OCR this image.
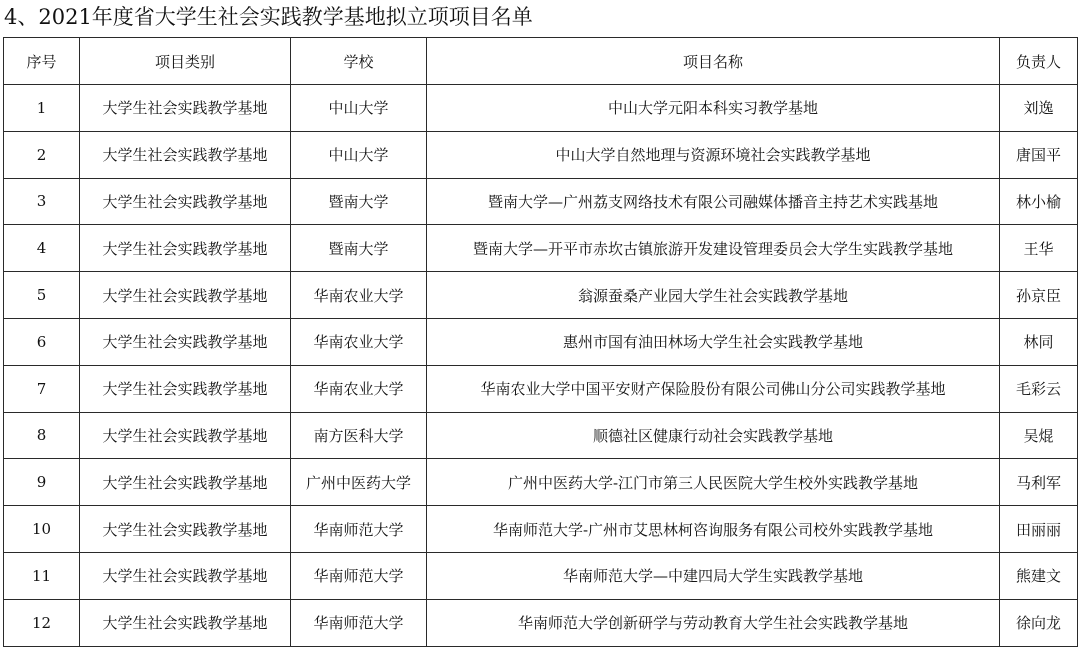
4、2021年度省大学生社会实践教学基地拟立项项目名单
序号	项目类别	学校	项目名称	负责人
1	大学生社会实践教学基地	中山大学	中山大学元阳本科实习教学基地	刘逸
2	大学生社会实践教学基地	中山大学	中山大学自然地理与资源环境社会实践教学基地	唐国平
3	大学生社会实践教学基地	暨南大学	暨南大学—广州荔支网络技术有限公司融媒体播音主持艺术实践基地	林小榆
4	大学生社会实践教学基地	暨南大学	暨南大学—开平市赤坎古镇旅游开发建设管理委员会大学生实践教学基地	王华
5	大学生社会实践教学基地	华南农业大学	翁源蚕桑产业园大学生社会实践教学基地	孙京臣
6	大学生社会实践教学基地	华南农业大学	惠州市国有油田林场大学生社会实践教学基地	林同
7	大学生社会实践教学基地	华南农业大学	华南农业大学中国平安财产保险股份有限公司佛山分公司实践教学基地	毛彩云
8	大学生社会实践教学基地	南方医科大学	顺德社区健康行动社会实践教学基地	吴焜
9	大学生社会实践教学基地	广州中医药大学	广州中医药大学-江门市第三人民医院大学生校外实践教学基地	马利军
10	大学生社会实践教学基地	华南师范大学	华南师范大学-广州市艾思林柯咨询服务有限公司校外实践教学基地	田丽丽
11	大学生社会实践教学基地	华南师范大学	华南师范大学—中建四局大学生实践教学基地	熊建文
12	大学生社会实践教学基地	华南师范大学	华南师范大学创新研学与劳动教育大学生社会实践教学基地	徐向龙
